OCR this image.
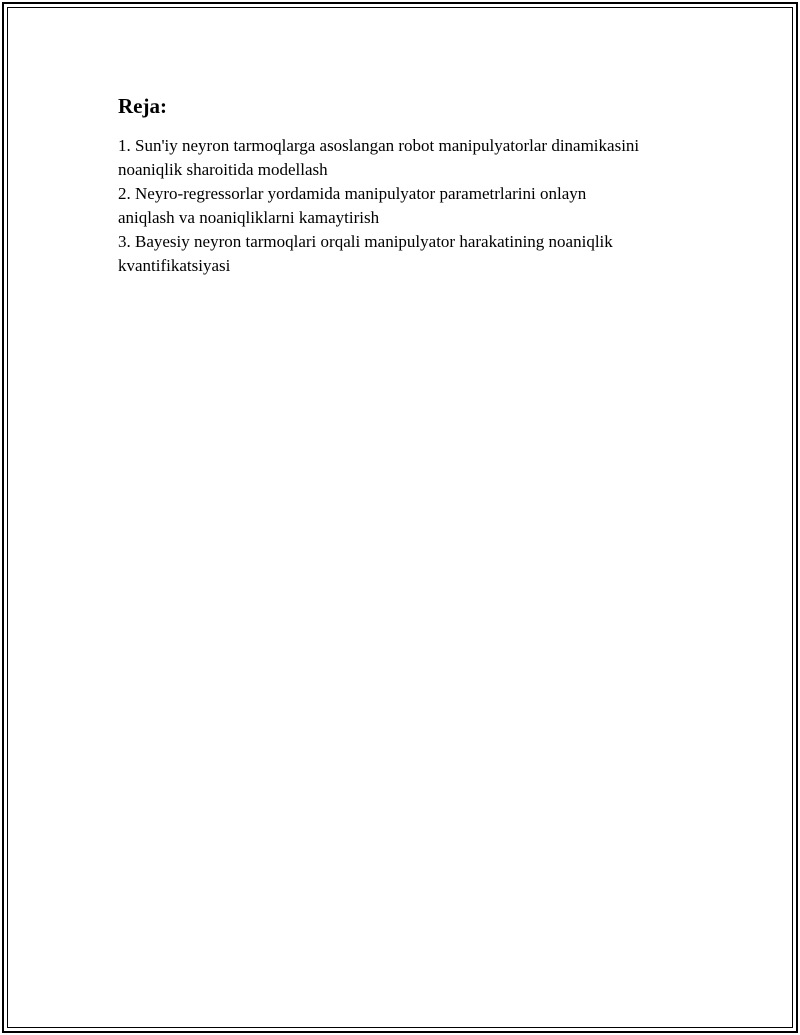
Reja:
1. Sun'iy neyron tarmoqlarga asoslangan robot manipulyatorlar dinamikasini
noaniqlik sharoitida modellash
2. Neyro-regressorlar yordamida manipulyator parametrlarini onlayn
aniqlash va noaniqliklarni kamaytirish
3. Bayesiy neyron tarmoqlari orqali manipulyator harakatining noaniqlik
kvantifikatsiyasi
